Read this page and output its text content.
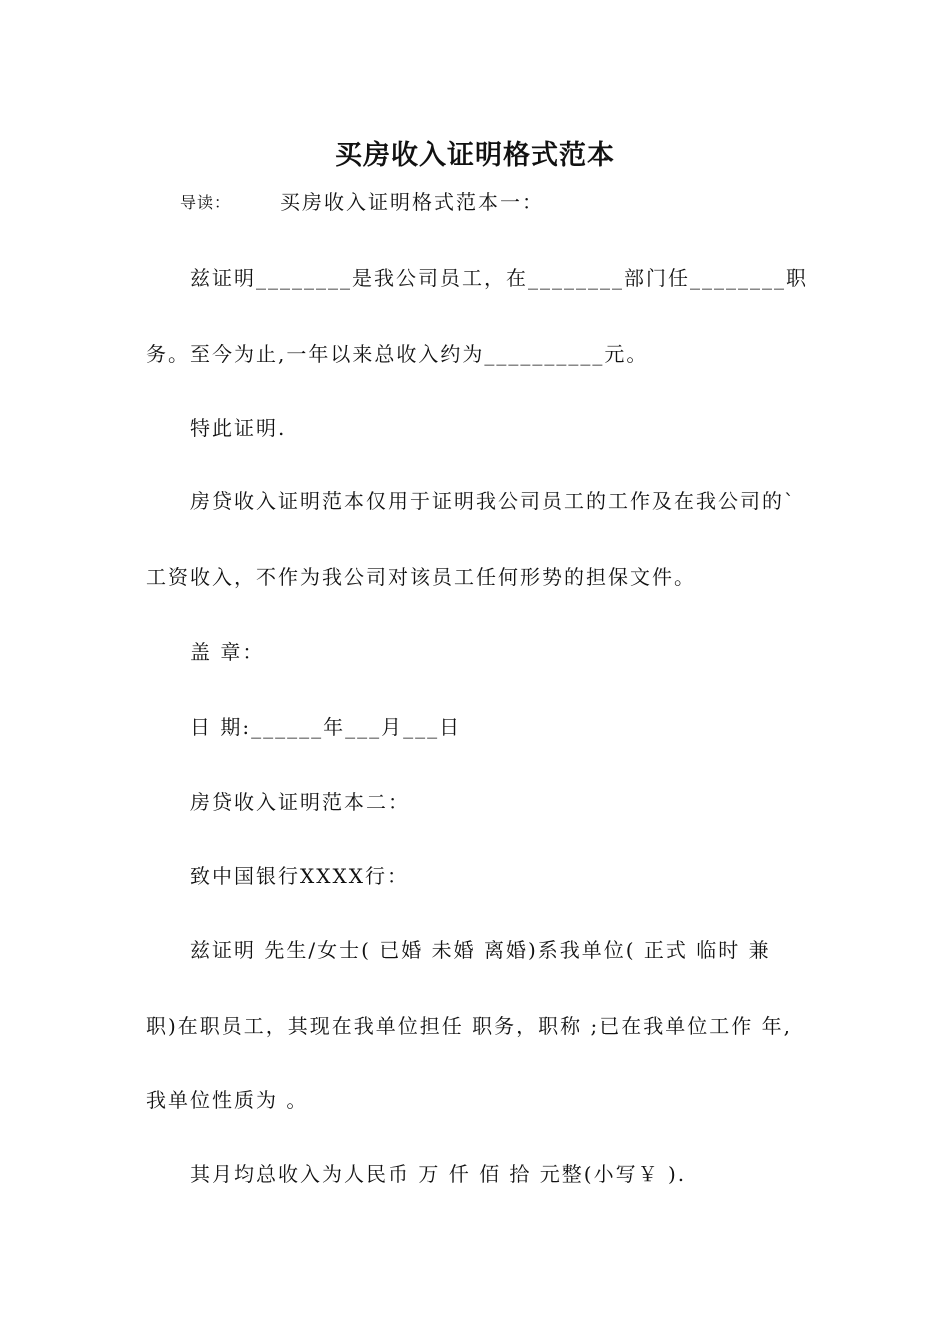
买房收入证明格式范本
导读： 买房收入证明格式范本一：
兹证明________是我公司员工，在________部门任________职
务。至今为止,一年以来总收入约为__________元。
特此证明.
房贷收入证明范本仅用于证明我公司员工的工作及在我公司的`
工资收入，不作为我公司对该员工任何形势的担保文件。
盖 章：
日 期:______年___月___日
房贷收入证明范本二：
致中国银行XXXX行：
兹证明 先生/女士( 已婚 未婚 离婚)系我单位( 正式 临时 兼
职)在职员工，其现在我单位担任 职务，职称 ;已在我单位工作 年,
我单位性质为 。
其月均总收入为人民币 万 仟 佰 拾 元整(小写￥ ).
